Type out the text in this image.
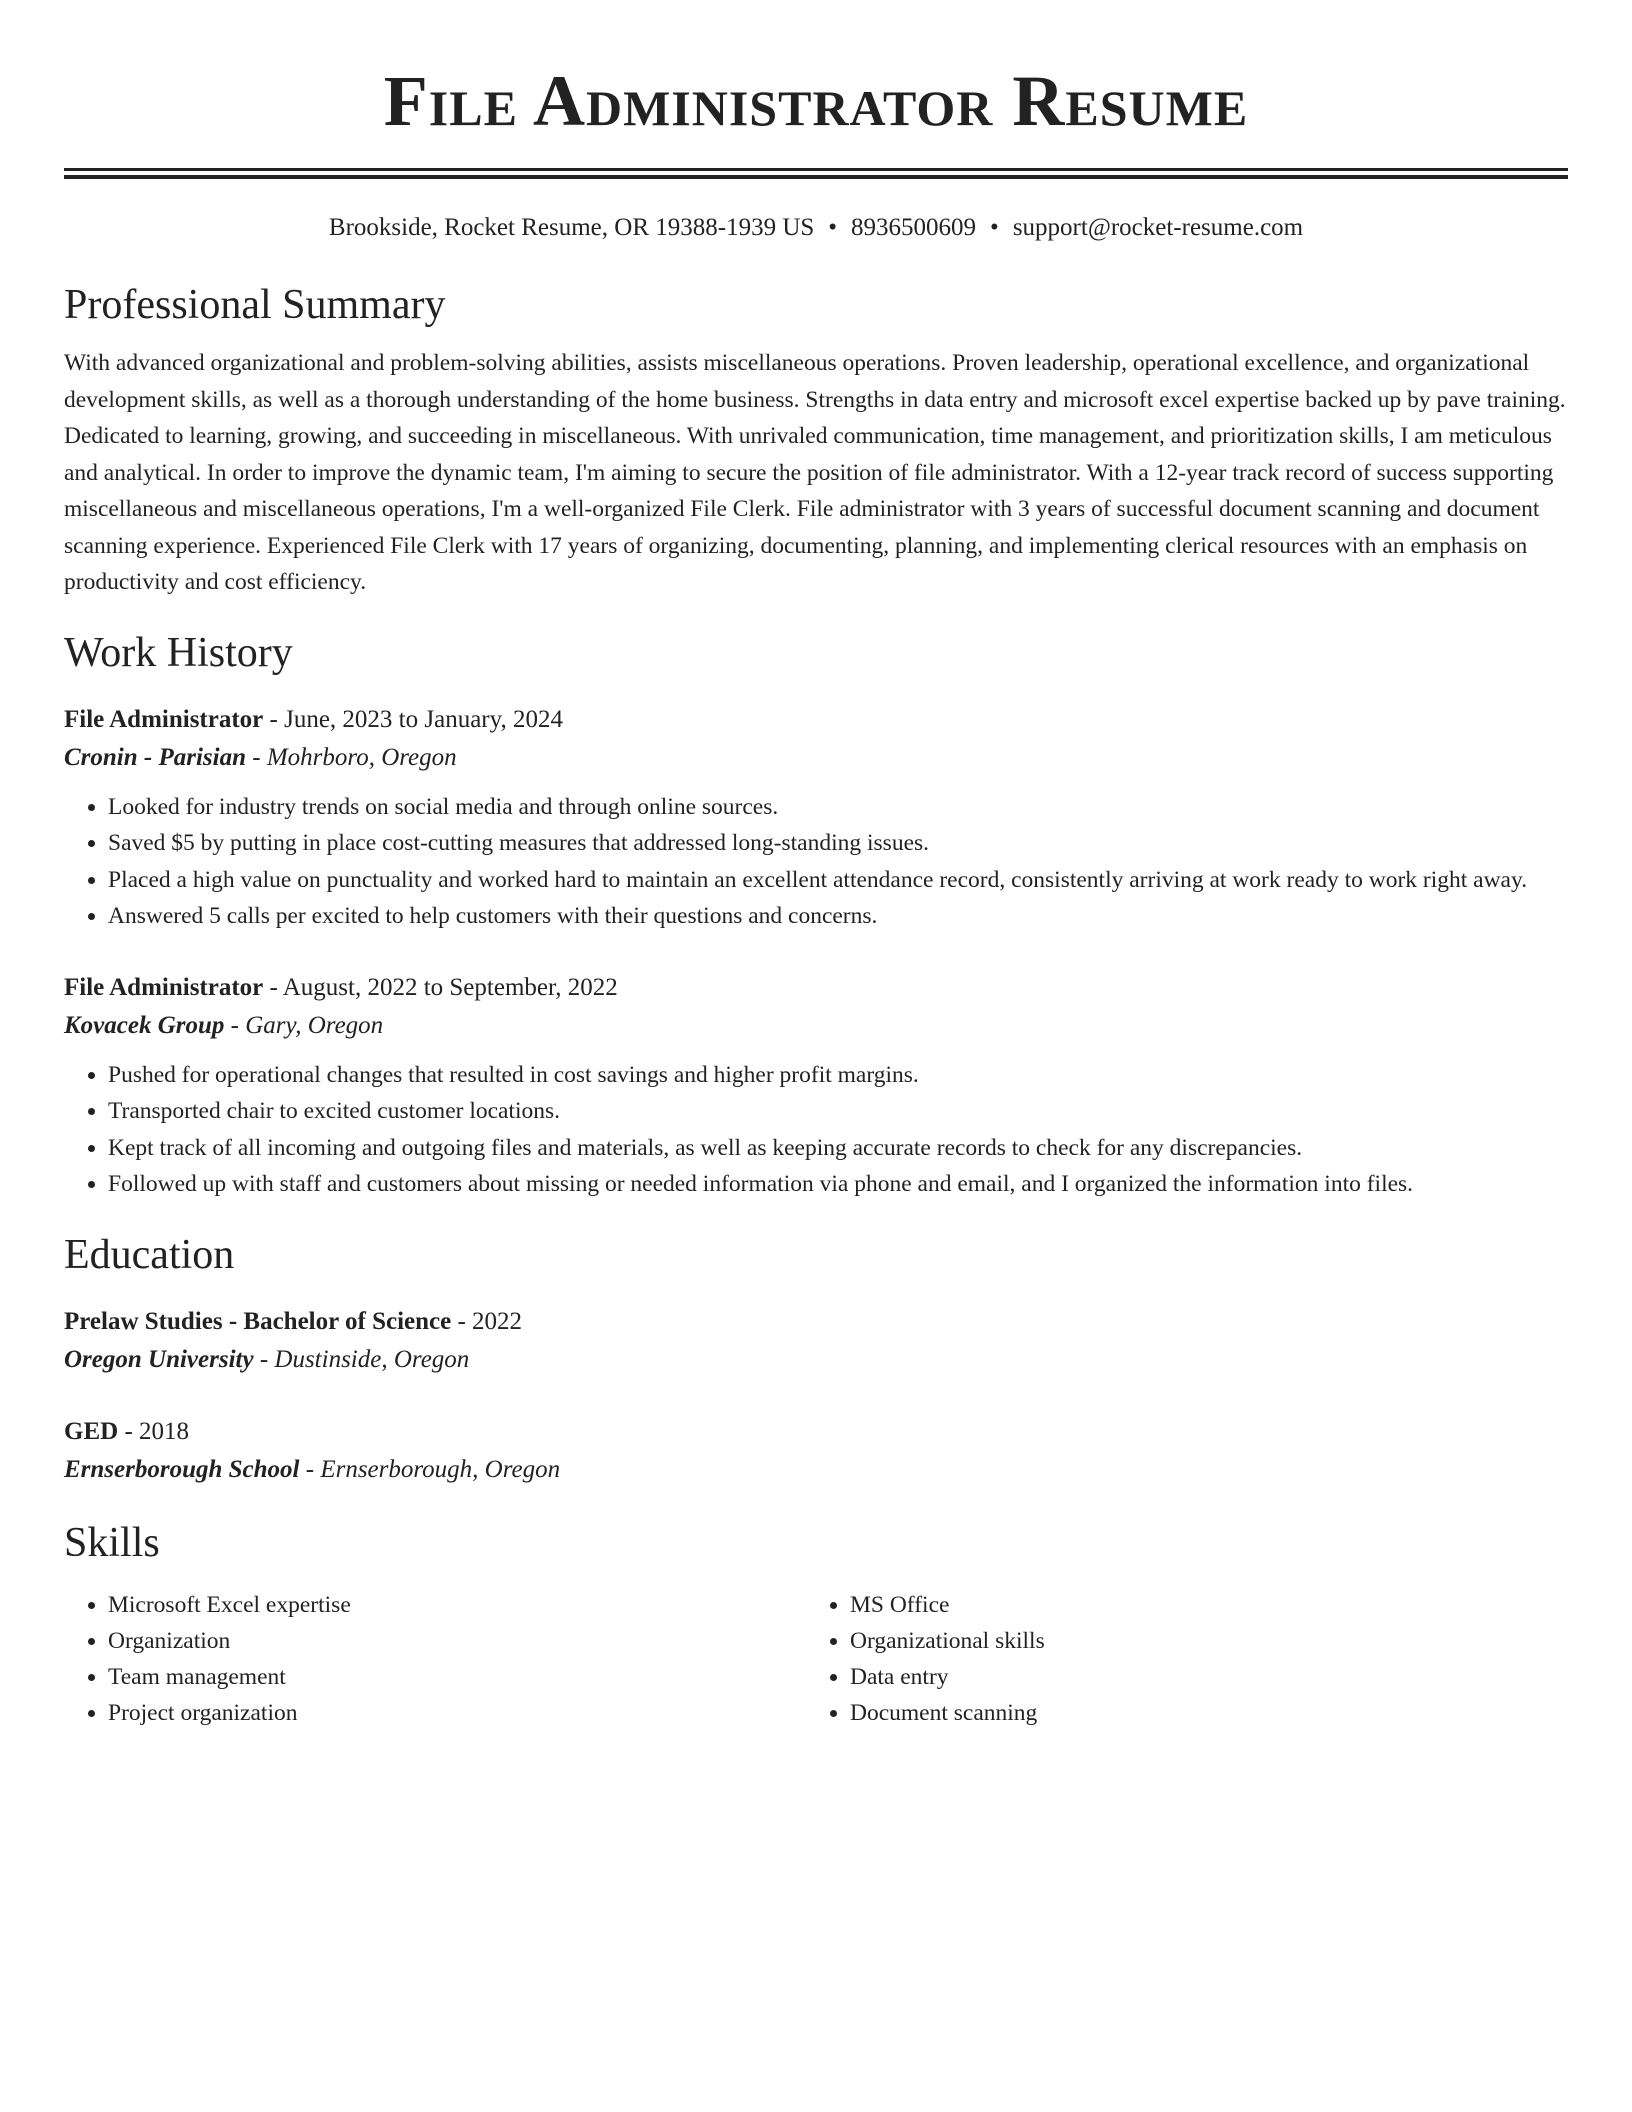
File Administrator Resume
Brookside, Rocket Resume, OR 19388-1939 US • 8936500609 • support@rocket-resume.com
Professional Summary

With advanced organizational and problem-solving abilities, assists miscellaneous operations. Proven leadership, operational excellence, and organizational development skills, as well as a thorough understanding of the home business. Strengths in data entry and microsoft excel expertise backed up by pave training. Dedicated to learning, growing, and succeeding in miscellaneous. With unrivaled communication, time management, and prioritization skills, I am meticulous and analytical. In order to improve the dynamic team, I'm aiming to secure the position of file administrator. With a 12-year track record of success supporting miscellaneous and miscellaneous operations, I'm a well-organized File Clerk. File administrator with 3 years of successful document scanning and document scanning experience. Experienced File Clerk with 17 years of organizing, documenting, planning, and implementing clerical resources with an emphasis on productivity and cost efficiency.

Work History
File Administrator - June, 2023 to January, 2024
Cronin - Parisian - Mohrboro, Oregon
• Looked for industry trends on social media and through online sources.
• Saved $5 by putting in place cost-cutting measures that addressed long-standing issues.
• Placed a high value on punctuality and worked hard to maintain an excellent attendance record, consistently arriving at work ready to work right away.
• Answered 5 calls per excited to help customers with their questions and concerns.
File Administrator - August, 2022 to September, 2022
Kovacek Group - Gary, Oregon
• Pushed for operational changes that resulted in cost savings and higher profit margins.
• Transported chair to excited customer locations.
• Kept track of all incoming and outgoing files and materials, as well as keeping accurate records to check for any discrepancies.
• Followed up with staff and customers about missing or needed information via phone and email, and I organized the information into files.
Education
Prelaw Studies - Bachelor of Science - 2022
Oregon University - Dustinside, Oregon
GED - 2018
Ernserborough School - Ernserborough, Oregon
Skills
• Microsoft Excel expertise
• Organization
• Team management
• Project organization
• MS Office
• Organizational skills
• Data entry
• Document scanning
